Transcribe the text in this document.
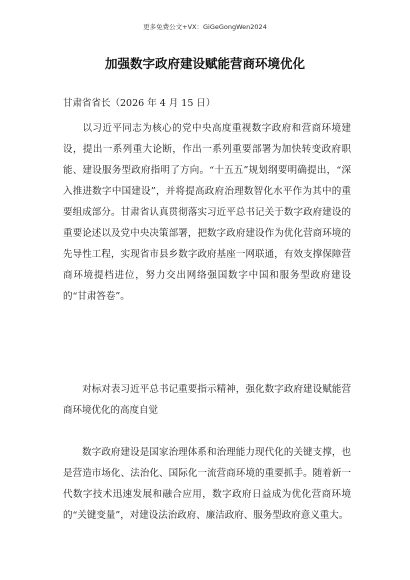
更多免费公文+VX：GiGeGongWen2024
加强数字政府建设赋能营商环境优化
甘肃省省长（2026 年 4 月 15 日）

以习近平同志为核心的党中央高度重视数字政府和营商环境建设，提出一系列重大论断，作出一系列重要部署为加快转变政府职能、建设服务型政府指明了方向。“十五五”规划纲要明确提出，“深入推进数字中国建设”，并将提高政府治理数智化水平作为其中的重要组成部分。甘肃省认真贯彻落实习近平总书记关于数字政府建设的重要论述以及党中央决策部署，把数字政府建设作为优化营商环境的先导性工程，实现省市县乡数字政府基座一网联通，有效支撑保障营商环境提档进位，努力交出网络强国数字中国和服务型政府建设的“甘肃答卷”。

对标对表习近平总书记重要指示精神，强化数字政府建设赋能营商环境优化的高度自觉

数字政府建设是国家治理体系和治理能力现代化的关键支撑，也是营造市场化、法治化、国际化一流营商环境的重要抓手。随着新一代数字技术迅速发展和融合应用，数字政府日益成为优化营商环境的“关键变量”，对建设法治政府、廉洁政府、服务型政府意义重大。
